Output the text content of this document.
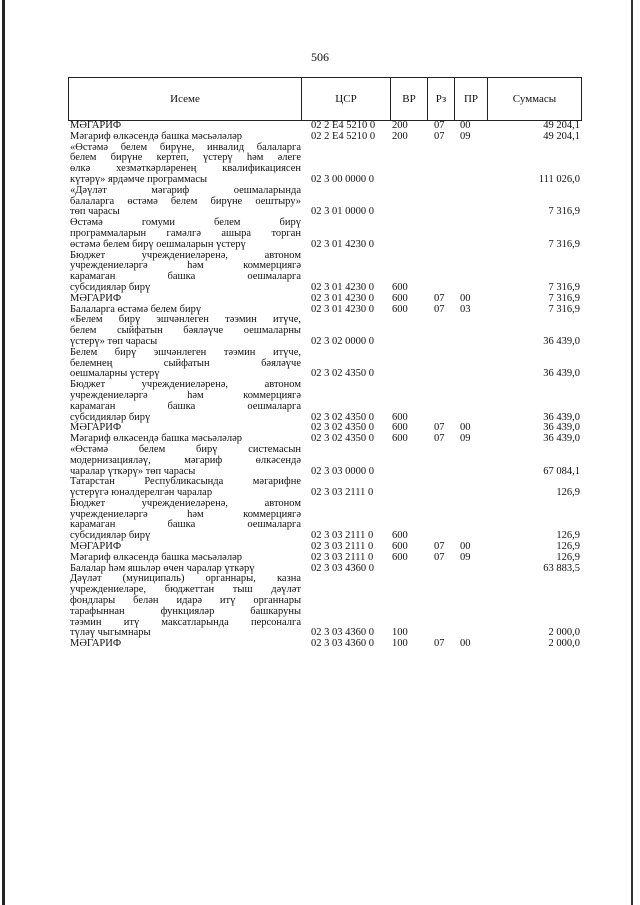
506
Исеме	ЦСР	ВР	Рз	ПР	Суммасы
МӘГАРИФ	02 2 Е4 5210 0	200	07	00	49 204,1
Мәгариф өлкәсендә башка мәсьәләләр	02 2 Е4 5210 0	200	07	09	49 204,1
«Өстәмә белем бирүне, инвалид балаларга
белем бирүне кертеп, үстерү һәм әлеге
өлкә хезмәткәрләренең квалификациясен
күтәрү» ярдәмче программасы	02 3 00 0000 0	111 026,0
«Дәүләт мәгариф оешмаларында
балаларга өстәмә белем бирүне оештыру»
төп чарасы	02 3 01 0000 0	7 316,9
Өстәмә гомуми белем бирү
программаларын гамәлгә ашыра торган
өстәмә белем бирү оешмаларын үстерү	02 3 01 4230 0	7 316,9
Бюджет учреждениеләренә, автоном
учреждениеләргә һәм коммерциягә
карамаган башка оешмаларга
субсидияләр бирү	02 3 01 4230 0	600	7 316,9
МӘГАРИФ	02 3 01 4230 0	600	07	00	7 316,9
Балаларга өстәмә белем бирү	02 3 01 4230 0	600	07	03	7 316,9
«Белем бирү эшчәнлеген тәэмин итүче,
белем сыйфатын бәяләүче оешмаларны
үстерү» төп чарасы	02 3 02 0000 0	36 439,0
Белем бирү эшчәнлеген тәэмин итүче,
белемнең сыйфатын бәяләүче
оешмаларны үстерү	02 3 02 4350 0	36 439,0
Бюджет учреждениеләренә, автоном
учреждениеләргә һәм коммерциягә
карамаган башка оешмаларга
субсидияләр бирү	02 3 02 4350 0	600	36 439,0
МӘГАРИФ	02 3 02 4350 0	600	07	00	36 439,0
Мәгариф өлкәсендә башка мәсьәләләр	02 3 02 4350 0	600	07	09	36 439,0
«Өстәмә белем бирү системасын
модернизацияләү, мәгариф өлкәсендә
чаралар үткәрү» төп чарасы	02 3 03 0000 0	67 084,1
Татарстан Республикасында мәгарифне
үстерүгә юнәлдерелгән чаралар	02 3 03 2111 0	126,9
Бюджет учреждениеләренә, автоном
учреждениеләргә һәм коммерциягә
карамаган башка оешмаларга
субсидияләр бирү	02 3 03 2111 0	600	126,9
МӘГАРИФ	02 3 03 2111 0	600	07	00	126,9
Мәгариф өлкәсендә башка мәсьәләләр	02 3 03 2111 0	600	07	09	126,9
Балалар һәм яшьләр өчен чаралар үткәрү	02 3 03 4360 0	63 883,5
Дәүләт (муниципаль) органнары, казна
учреждениеләре, бюджеттан тыш дәүләт
фондлары белән идарә итү органнары
тарафыннан функцияләр башкаруны
тәэмин итү максатларында персоналга
түләү чыгымнары	02 3 03 4360 0	100	2 000,0
МӘГАРИФ	02 3 03 4360 0	100	07	00	2 000,0
